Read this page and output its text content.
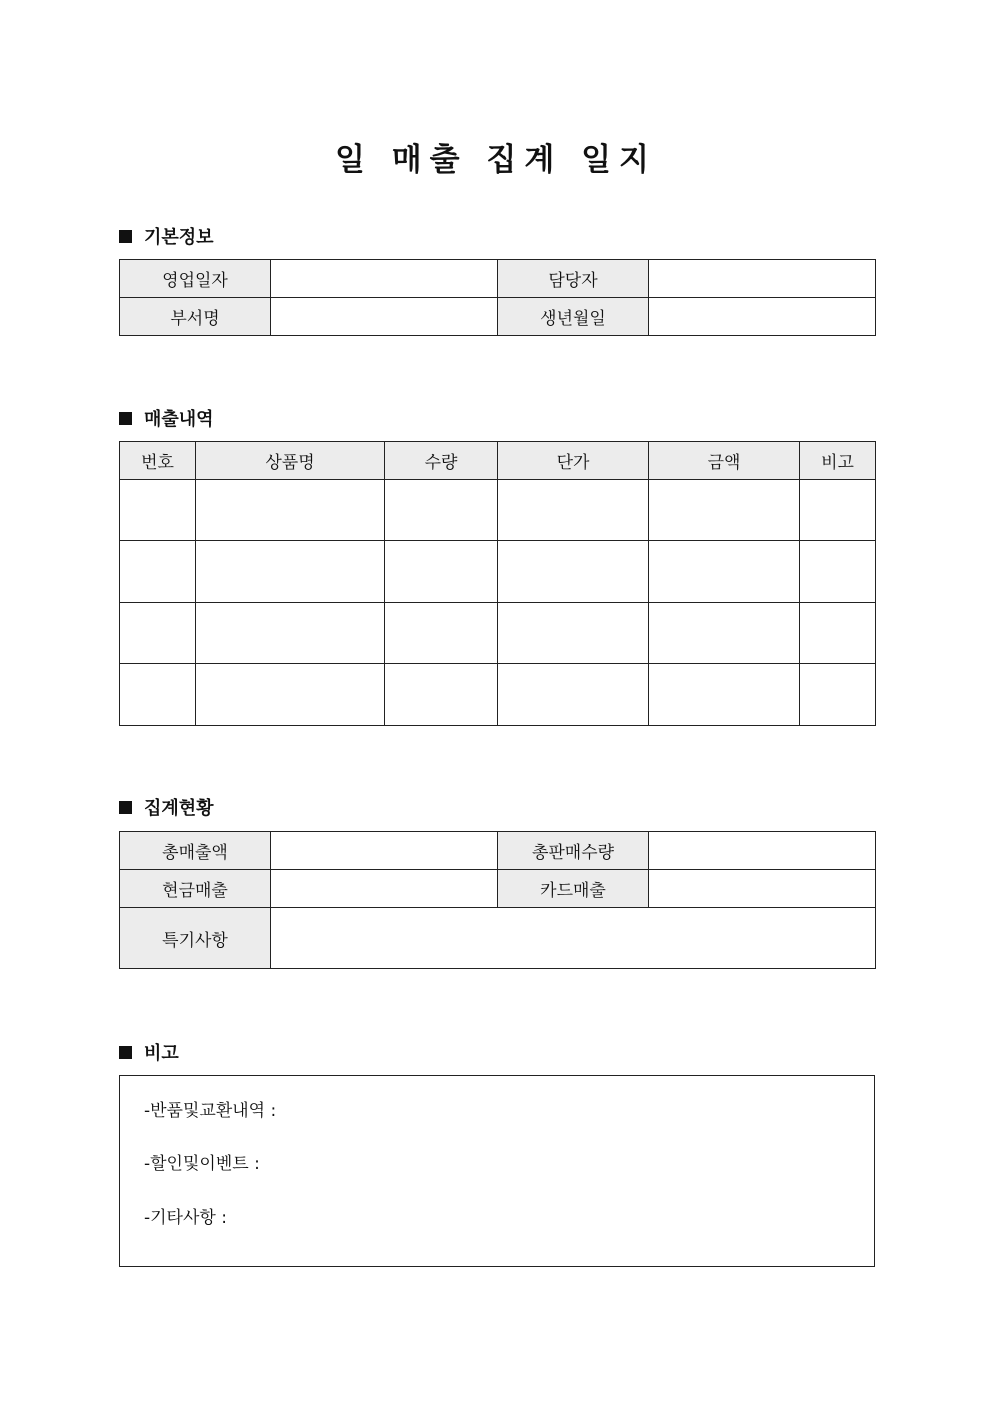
일 매출 집계 일지
기본정보
영업일자		담당자	
부서명		생년월일	
매출내역
번호	상품명	수량	단가	금액	비고

집계현황
총매출액		총판매수량	
현금매출		카드매출	
특기사항			
비고
-반품및교환내역 :
-할인및이벤트 :
-기타사항 :
